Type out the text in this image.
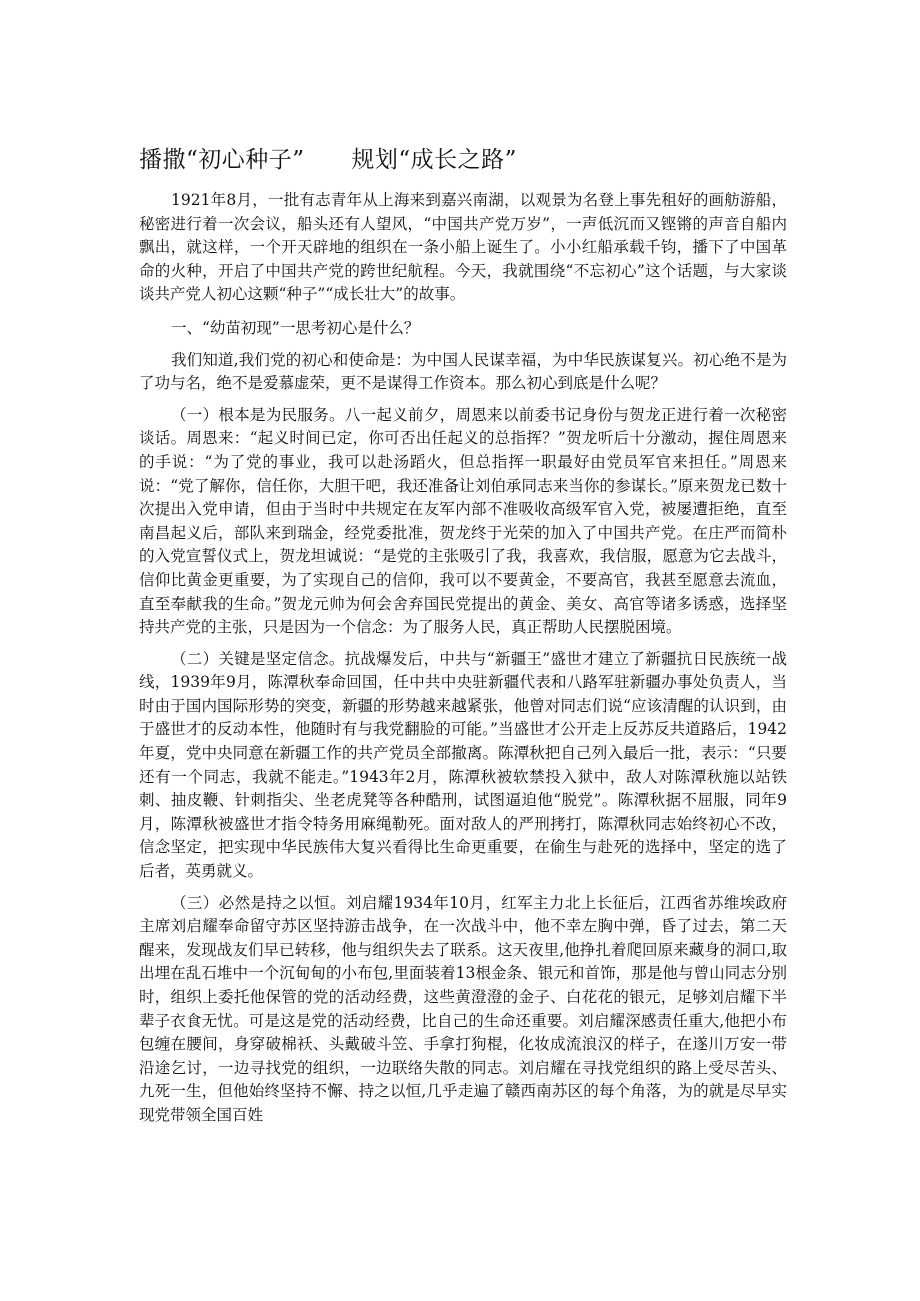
播撒“初心种子”      规划“成长之路”

1921年8月，一批有志青年从上海来到嘉兴南湖，以观景为名登上事先租好的画舫游船，秘密进行着一次会议，船头还有人望风，“中国共产党万岁”，一声低沉而又铿锵的声音自船内飘出，就这样，一个开天辟地的组织在一条小船上诞生了。小小红船承载千钧，播下了中国革命的火种，开启了中国共产党的跨世纪航程。今天，我就围绕“不忘初心”这个话题，与大家谈谈共产党人初心这颗“种子”“成长壮大”的故事。

一、“幼苗初现”一思考初心是什么？

我们知道,我们党的初心和使命是：为中国人民谋幸福，为中华民族谋复兴。初心绝不是为了功与名，绝不是爱慕虚荣，更不是谋得工作资本。那么初心到底是什么呢？

（一）根本是为民服务。八一起义前夕，周恩来以前委书记身份与贺龙正进行着一次秘密谈话。周恩来：“起义时间已定，你可否出任起义的总指挥？”贺龙听后十分激动，握住周恩来的手说：“为了党的事业，我可以赴汤蹈火，但总指挥一职最好由党员军官来担任。”周恩来说：“党了解你，信任你，大胆干吧，我还准备让刘伯承同志来当你的参谋长。”原来贺龙已数十次提出入党申请，但由于当时中共规定在友军内部不准吸收高级军官入党，被屡遭拒绝，直至南昌起义后，部队来到瑞金，经党委批准，贺龙终于光荣的加入了中国共产党。在庄严而简朴的入党宣誓仪式上，贺龙坦诚说：“是党的主张吸引了我，我喜欢，我信服，愿意为它去战斗，信仰比黄金更重要，为了实现自己的信仰，我可以不要黄金，不要高官，我甚至愿意去流血，直至奉献我的生命。”贺龙元帅为何会舍弃国民党提出的黄金、美女、高官等诸多诱惑，选择坚持共产党的主张，只是因为一个信念：为了服务人民，真正帮助人民摆脱困境。

（二）关键是坚定信念。抗战爆发后，中共与“新疆王”盛世才建立了新疆抗日民族统一战线，1939年9月，陈潭秋奉命回国，任中共中央驻新疆代表和八路军驻新疆办事处负责人，当时由于国内国际形势的突变，新疆的形势越来越紧张，他曾对同志们说“应该清醒的认识到，由于盛世才的反动本性，他随时有与我党翻脸的可能。”当盛世才公开走上反苏反共道路后，1942年夏，党中央同意在新疆工作的共产党员全部撤离。陈潭秋把自己列入最后一批，表示：“只要还有一个同志，我就不能走。”1943年2月，陈潭秋被软禁投入狱中，敌人对陈潭秋施以站铁刺、抽皮鞭、针刺指尖、坐老虎凳等各种酷刑，试图逼迫他“脱党”。陈潭秋据不屈服，同年9月，陈潭秋被盛世才指令特务用麻绳勒死。面对敌人的严刑拷打，陈潭秋同志始终初心不改，信念坚定，把实现中华民族伟大复兴看得比生命更重要，在偷生与赴死的选择中，坚定的选了后者，英勇就义。

（三）必然是持之以恒。刘启耀1934年10月，红军主力北上长征后，江西省苏维埃政府主席刘启耀奉命留守苏区坚持游击战争，在一次战斗中，他不幸左胸中弹，昏了过去，第二天醒来，发现战友们早已转移，他与组织失去了联系。这天夜里,他挣扎着爬回原来藏身的洞口,取出埋在乱石堆中一个沉甸甸的小布包,里面装着13根金条、银元和首饰，那是他与曾山同志分别时，组织上委托他保管的党的活动经费，这些黄澄澄的金子、白花花的银元，足够刘启耀下半辈子衣食无忧。可是这是党的活动经费，比自己的生命还重要。刘启耀深感责任重大,他把小布包缠在腰间，身穿破棉袄、头戴破斗笠、手拿打狗棍，化妆成流浪汉的样子，在遂川万安一带沿途乞讨，一边寻找党的组织，一边联络失散的同志。刘启耀在寻找党组织的路上受尽苦头、九死一生，但他始终坚持不懈、持之以恒,几乎走遍了赣西南苏区的每个角落，为的就是尽早实现党带领全国百姓
